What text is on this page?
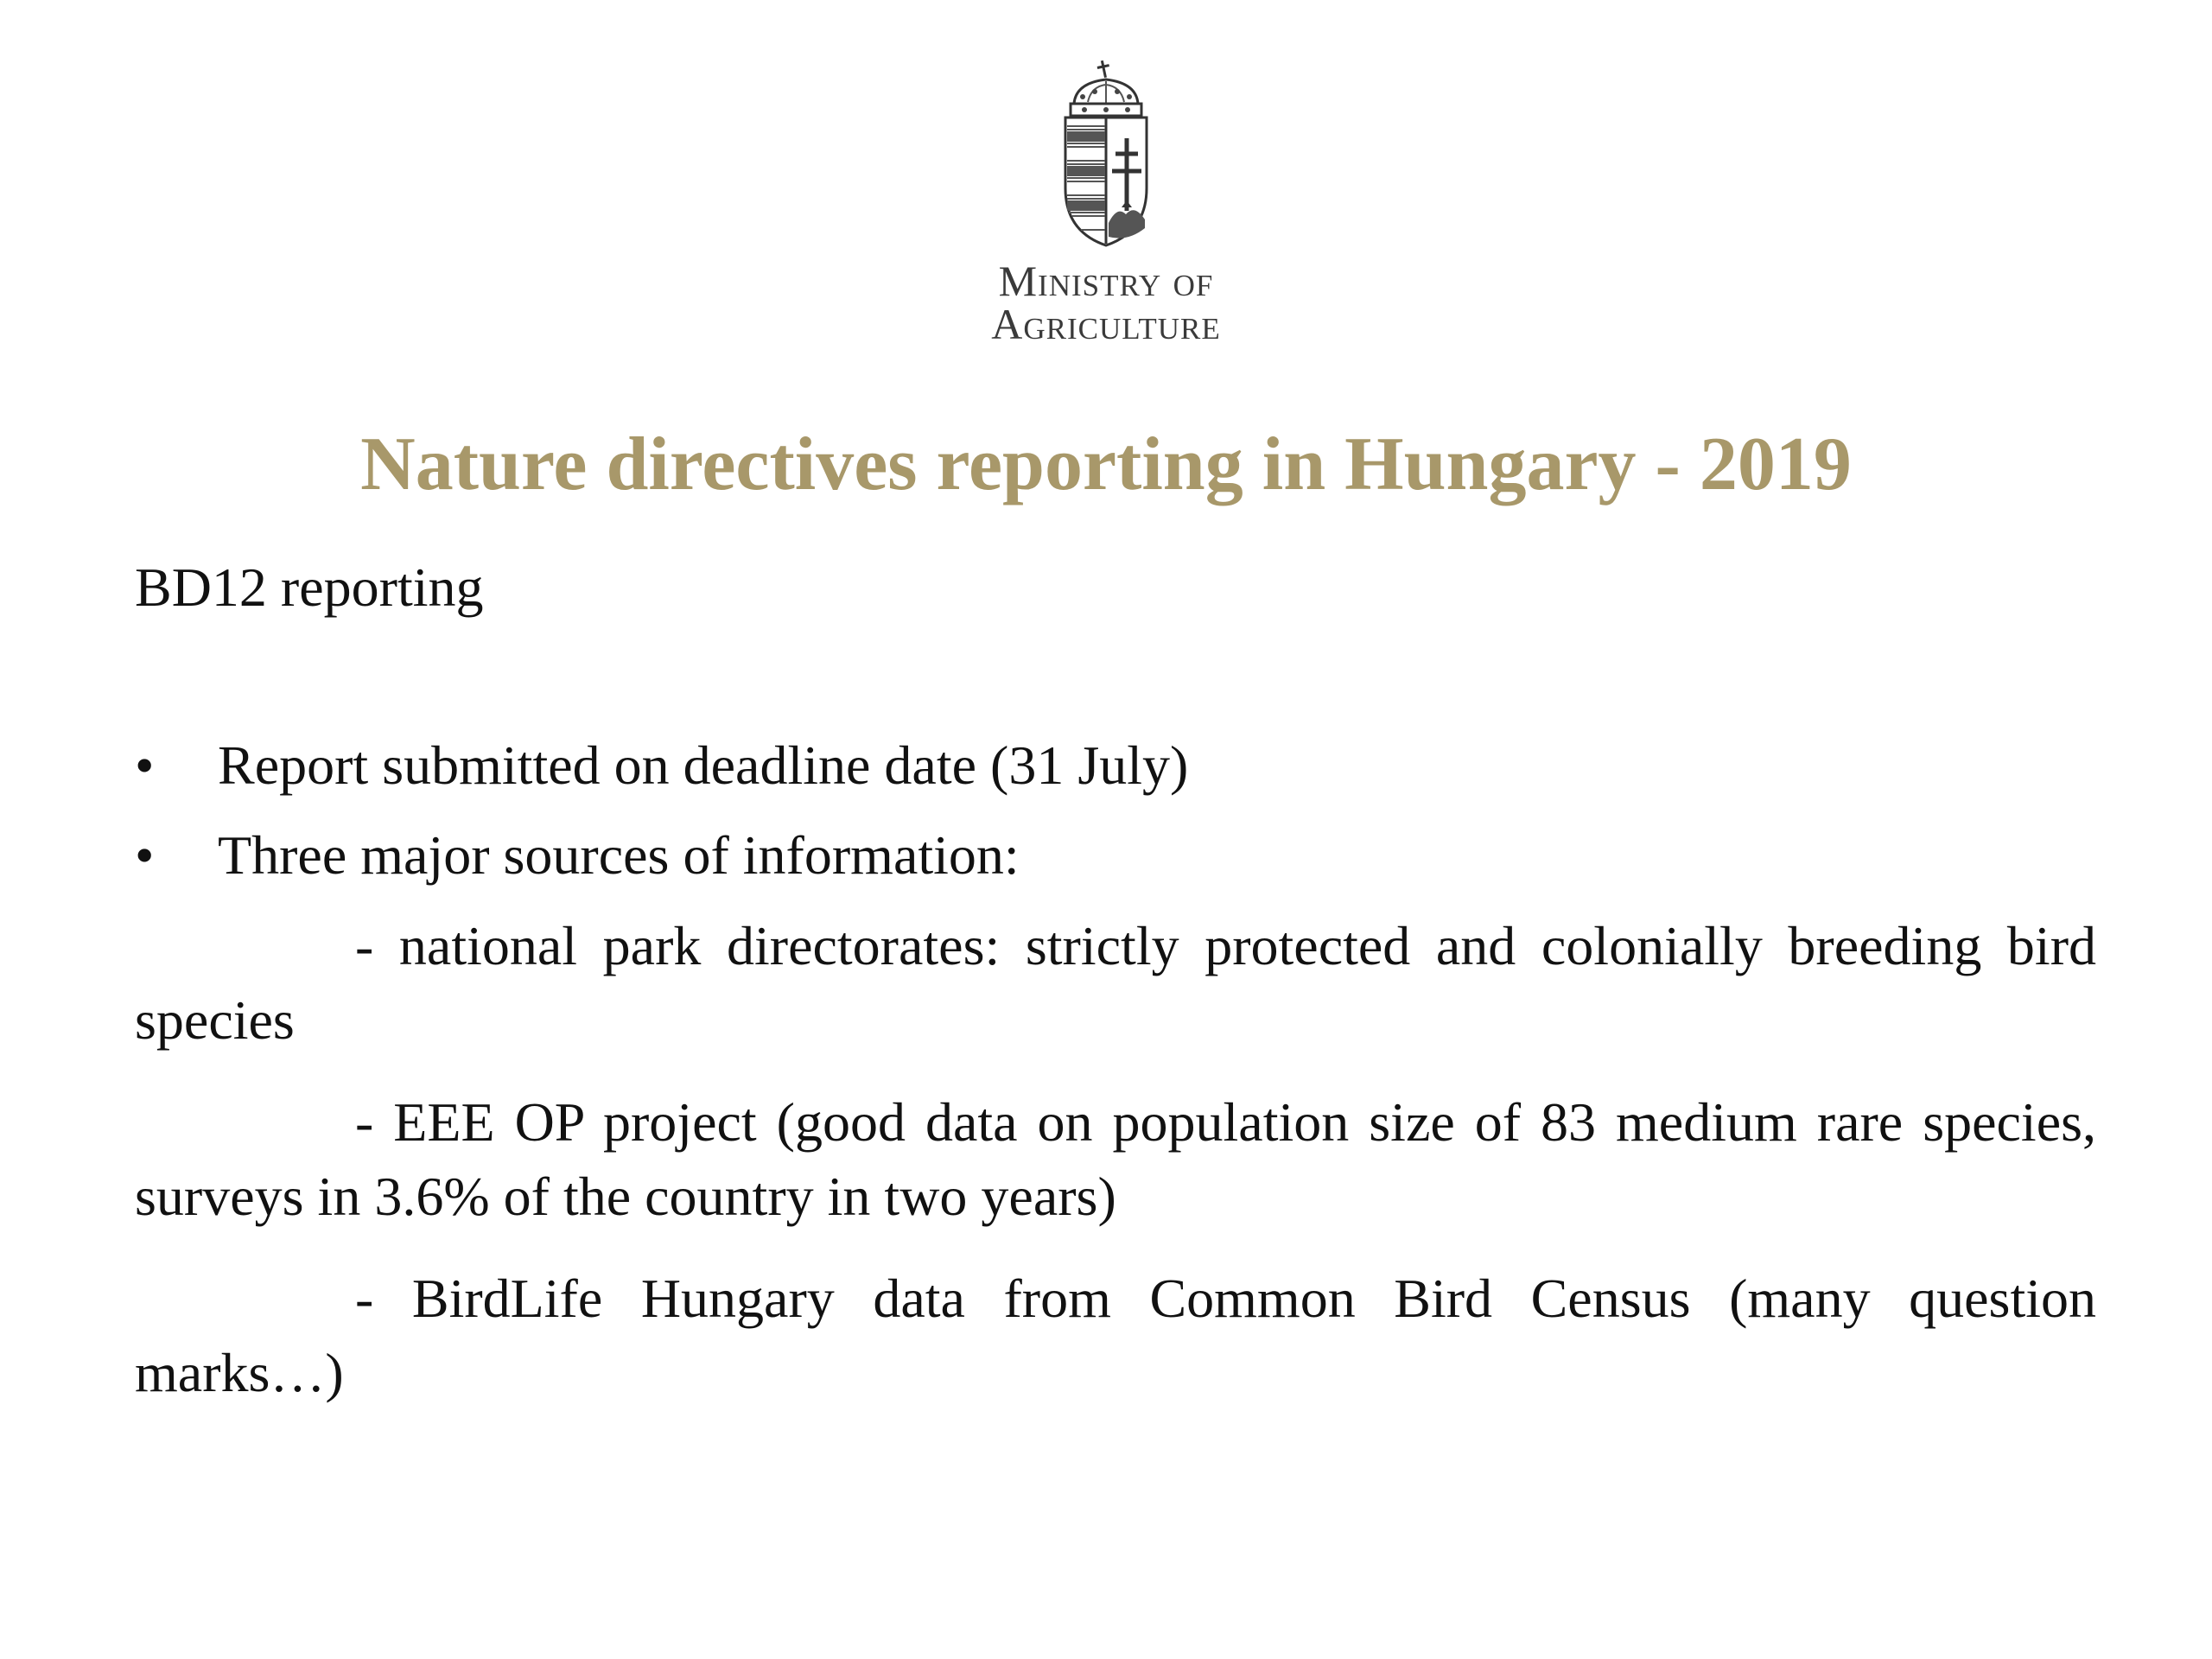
Ministry of
Agriculture
Nature directives reporting in Hungary - 2019
BD12 reporting
• Report submitted on deadline date (31 July)
• Three major sources of information:

- national park directorates: strictly protected and colonially breeding bird species

- EEE OP project (good data on population size of 83 medium rare species, surveys in 3.6% of the country in two years)

- BirdLife Hungary data from Common Bird Census (many question marks…)
